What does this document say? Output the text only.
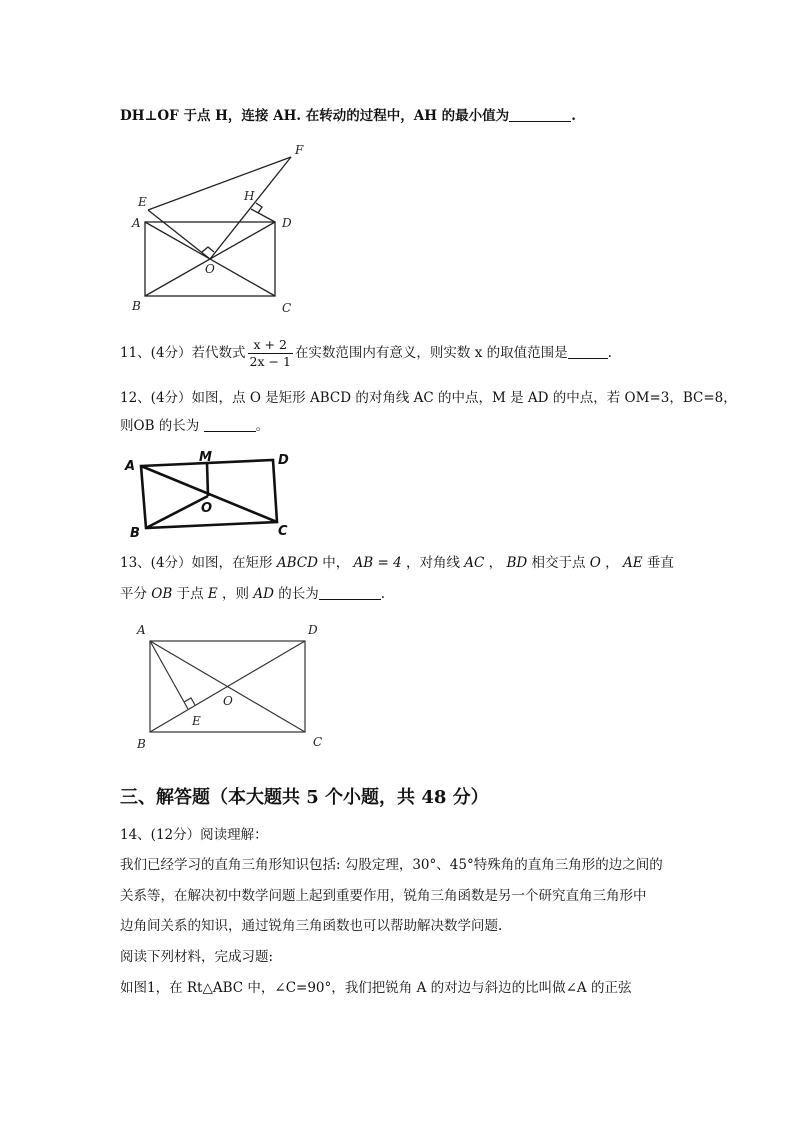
DH⊥OF 于点 H，连接 AH. 在转动的过程中，AH 的最小值为	.
E
A
F
H
D
O
B	C
11、(4分）若代数式 $\frac{x + 2}{2x - 1}$ 在实数范围内有意义，则实数 x 的取值范围是	.
12、(4分）如图，点 O 是矩形 ABCD 的对角线 AC 的中点，M 是 AD 的中点，若 OM=3，BC=8，
则OB 的长为	。
A
M	D
O
B	C
13、(4分）如图，在矩形 ABCD 中， AB = 4 ，对角线 AC ， BD 相交于点 O ， AE 垂直
平分 OB 于点 E ，则 AD 的长为	.
A	D
O
E
B	C
三、解答题（本大题共 5 个小题，共 48 分）
14、(12分）阅读理解：
我们已经学习的直角三角形知识包括: 勾股定理，30°、45°特殊角的直角三角形的边之间的
关系等，在解决初中数学问题上起到重要作用，锐角三角函数是另一个研究直角三角形中
边角间关系的知识，通过锐角三角函数也可以帮助解决数学问题.
阅读下列材料，完成习题:
如图1，在 Rt△ABC 中，∠C=90°，我们把锐角 A 的对边与斜边的比叫做∠A 的正弦
